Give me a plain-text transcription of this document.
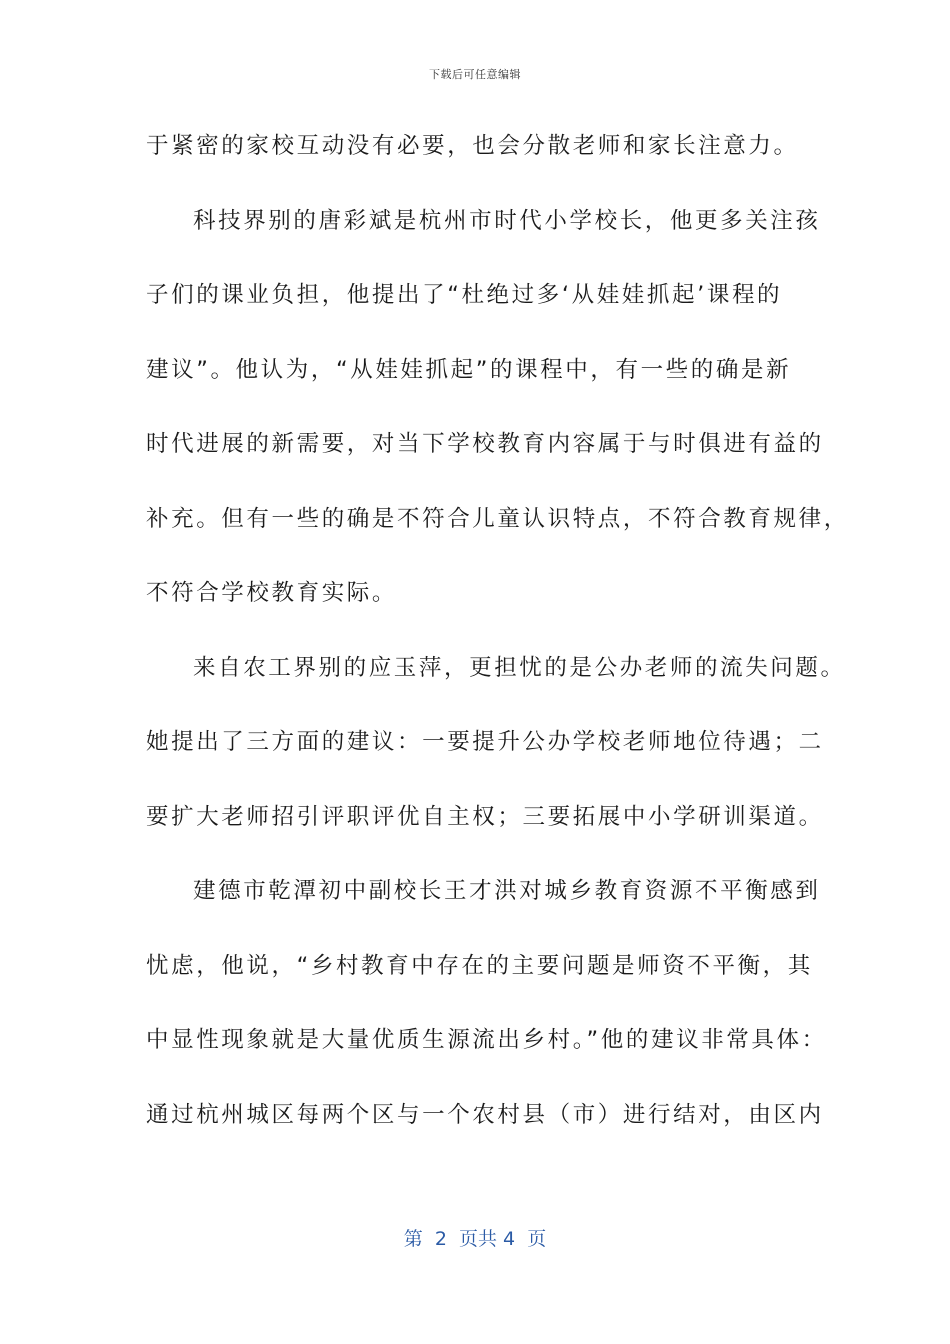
下载后可任意编辑
于紧密的家校互动没有必要，也会分散老师和家长注意力。
科技界别的唐彩斌是杭州市时代小学校长，他更多关注孩
子们的课业负担，他提出了“杜绝过多‘从娃娃抓起’课程的
建议”。他认为，“从娃娃抓起”的课程中，有一些的确是新
时代进展的新需要，对当下学校教育内容属于与时俱进有益的
补充。但有一些的确是不符合儿童认识特点，不符合教育规律，
不符合学校教育实际。
来自农工界别的应玉萍，更担忧的是公办老师的流失问题。
她提出了三方面的建议：一要提升公办学校老师地位待遇；二
要扩大老师招引评职评优自主权；三要拓展中小学研训渠道。
建德市乾潭初中副校长王才洪对城乡教育资源不平衡感到
忧虑，他说，“乡村教育中存在的主要问题是师资不平衡，其
中显性现象就是大量优质生源流出乡村。”他的建议非常具体：
通过杭州城区每两个区与一个农村县（市）进行结对，由区内
第  2  页共 4  页
